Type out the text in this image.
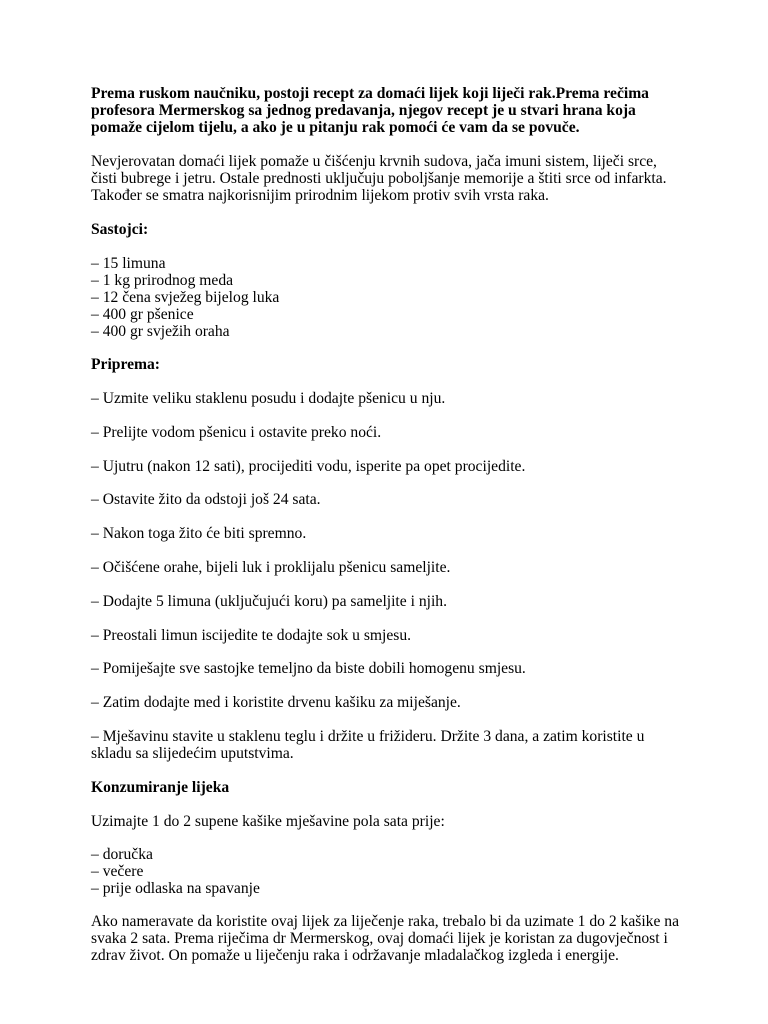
Prema ruskom naučniku, postoji recept za domaći lijek koji liječi rak.Prema rečima
profesora Mermerskog sa jednog predavanja, njegov recept je u stvari hrana koja
pomaže cijelom tijelu, a ako je u pitanju rak pomoći će vam da se povuče.
Nevjerovatan domaći lijek pomaže u čišćenju krvnih sudova, jača imuni sistem, liječi srce,
čisti bubrege i jetru. Ostale prednosti uključuju poboljšanje memorije a štiti srce od infarkta.
Također se smatra najkorisnijim prirodnim lijekom protiv svih vrsta raka.
Sastojci:
– 15 limuna
– 1 kg prirodnog meda
– 12 čena svježeg bijelog luka
– 400 gr pšenice
– 400 gr svježih oraha
Priprema:
– Uzmite veliku staklenu posudu i dodajte pšenicu u nju.
– Prelijte vodom pšenicu i ostavite preko noći.
– Ujutru (nakon 12 sati), procijediti vodu, isperite pa opet procijedite.
– Ostavite žito da odstoji još 24 sata.
– Nakon toga žito će biti spremno.
– Očišćene orahe, bijeli luk i proklijalu pšenicu sameljite.
– Dodajte 5 limuna (uključujući koru) pa sameljite i njih.
– Preostali limun iscijedite te dodajte sok u smjesu.
– Pomiješajte sve sastojke temeljno da biste dobili homogenu smjesu.
– Zatim dodajte med i koristite drvenu kašiku za miješanje.
– Mješavinu stavite u staklenu teglu i držite u frižideru. Držite 3 dana, a zatim koristite u
skladu sa slijedećim uputstvima.
Konzumiranje lijeka
Uzimajte 1 do 2 supene kašike mješavine pola sata prije:
– doručka
– večere
– prije odlaska na spavanje
Ako nameravate da koristite ovaj lijek za liječenje raka, trebalo bi da uzimate 1 do 2 kašike na
svaka 2 sata. Prema riječima dr Mermerskog, ovaj domaći lijek je koristan za dugovječnost i
zdrav život. On pomaže u liječenju raka i održavanje mladalačkog izgleda i energije.
